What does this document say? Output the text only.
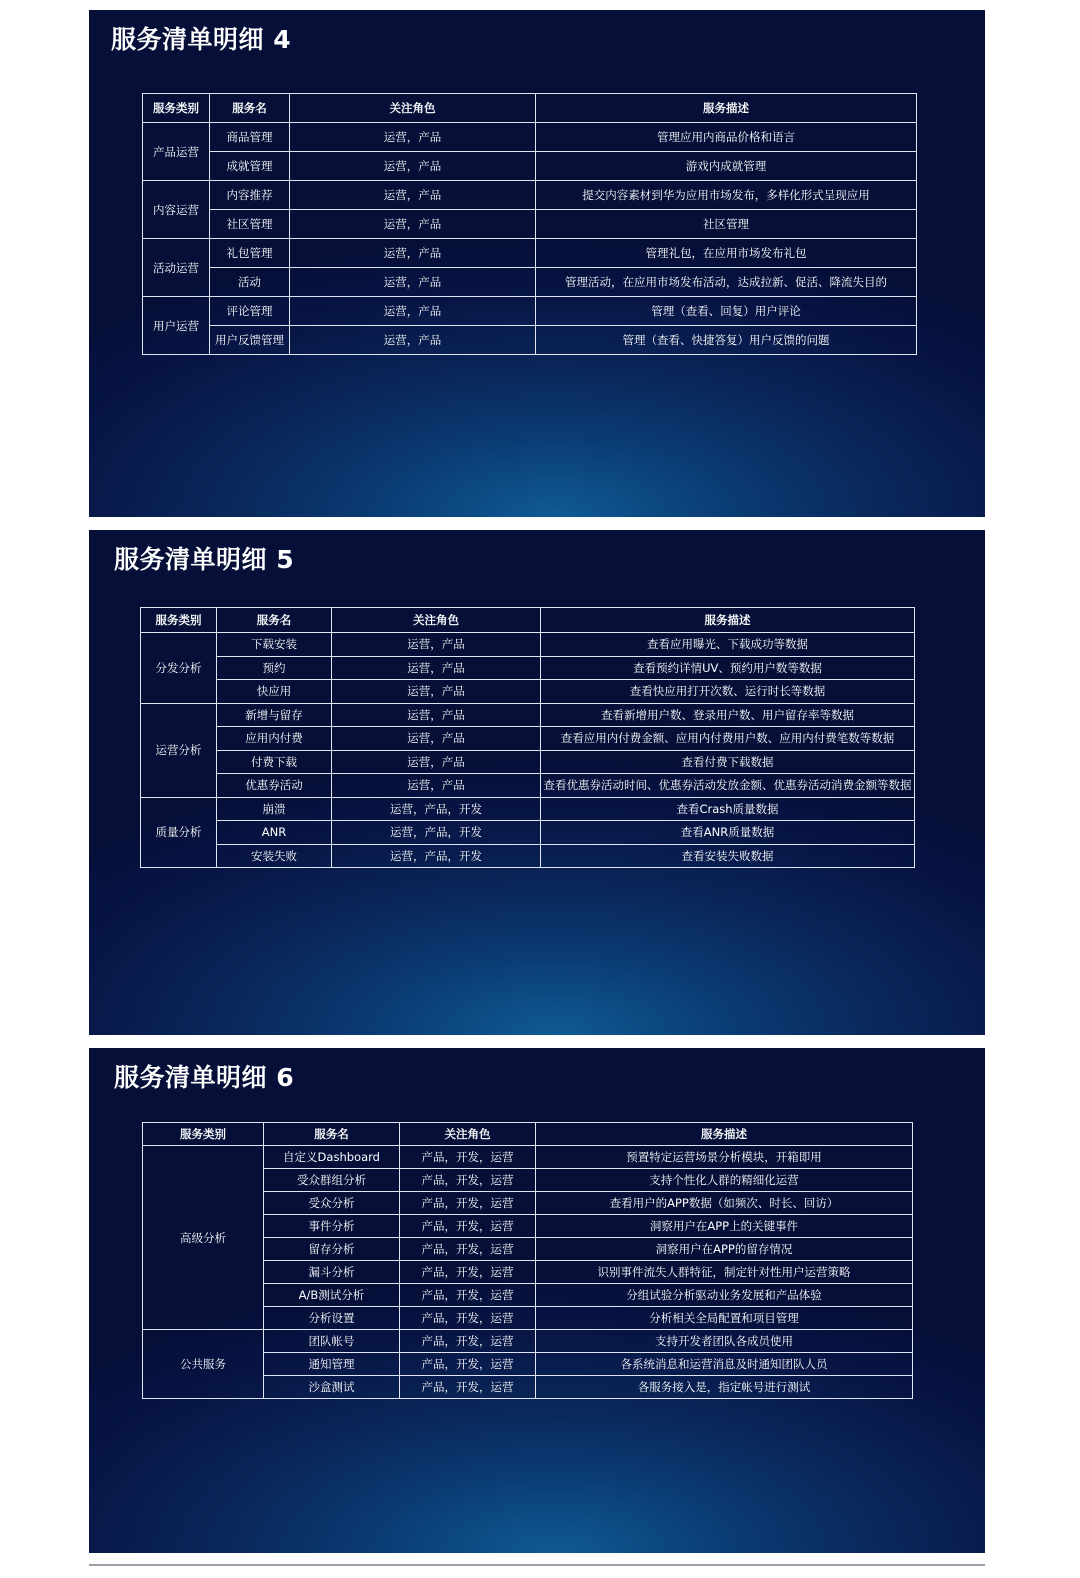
服务清单明细 4
服务类别	服务名	关注角色	服务描述
产品运营	商品管理	运营，产品	管理应用内商品价格和语言
	成就管理	运营，产品	游戏内成就管理
内容运营	内容推荐	运营，产品	提交内容素材到华为应用市场发布，多样化形式呈现应用
	社区管理	运营，产品	社区管理
活动运营	礼包管理	运营，产品	管理礼包，在应用市场发布礼包
	活动	运营，产品	管理活动，在应用市场发布活动，达成拉新、促活、降流失目的
用户运营	评论管理	运营，产品	管理（查看、回复）用户评论
	用户反馈管理	运营，产品	管理（查看、快捷答复）用户反馈的问题
服务清单明细 5
服务类别	服务名	关注角色	服务描述
分发分析	下载安装	运营，产品	查看应用曝光、下载成功等数据
	预约	运营，产品	查看预约详情UV、预约用户数等数据
	快应用	运营，产品	查看快应用打开次数、运行时长等数据
运营分析	新增与留存	运营，产品	查看新增用户数、登录用户数、用户留存率等数据
	应用内付费	运营，产品	查看应用内付费金额、应用内付费用户数、应用内付费笔数等数据
	付费下载	运营，产品	查看付费下载数据
	优惠券活动	运营，产品	查看优惠券活动时间、优惠券活动发放金额、优惠券活动消费金额等数据
质量分析	崩溃	运营，产品，开发	查看Crash质量数据
	ANR	运营，产品，开发	查看ANR质量数据
	安装失败	运营，产品，开发	查看安装失败数据
服务清单明细 6
服务类别	服务名	关注角色	服务描述
高级分析	自定义Dashboard	产品，开发，运营	预置特定运营场景分析模块，开箱即用
	受众群组分析	产品，开发，运营	支持个性化人群的精细化运营
	受众分析	产品，开发，运营	查看用户的APP数据（如频次、时长、回访）
	事件分析	产品，开发，运营	洞察用户在APP上的关键事件
	留存分析	产品，开发，运营	洞察用户在APP的留存情况
	漏斗分析	产品，开发，运营	识别事件流失人群特征，制定针对性用户运营策略
	A/B测试分析	产品，开发，运营	分组试验分析驱动业务发展和产品体验
	分析设置	产品，开发，运营	分析相关全局配置和项目管理
公共服务	团队帐号	产品，开发，运营	支持开发者团队各成员使用
	通知管理	产品，开发，运营	各系统消息和运营消息及时通知团队人员
	沙盒测试	产品，开发，运营	各服务接入是，指定帐号进行测试
